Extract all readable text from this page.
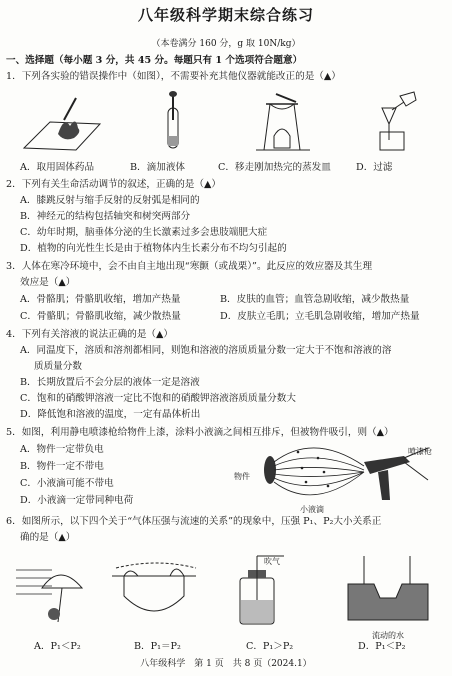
八年级科学期末综合练习
（本卷满分 160 分，g 取 10N/kg）
一、选择题（每小题 3 分，共 45 分。每题只有 1 个选项符合题意）
1．下列各实验的错误操作中（如图），不需要补充其他仪器就能改正的是（▲）
A．取用固体药品	B．滴加液体	C．移走刚加热完的蒸发皿	D．过滤
2．下列有关生命活动调节的叙述，正确的是（▲）
A．膝跳反射与缩手反射的反射弧是相同的
B．神经元的结构包括轴突和树突两部分
C．幼年时期，脑垂体分泌的生长激素过多会患肢端肥大症
D．植物的向光性生长是由于植物体内生长素分布不均匀引起的
3．人体在寒冷环境中，会不由自主地出现“寒颤（或战栗）”。此反应的效应器及其生理
效应是（▲）
A．骨骼肌；骨骼肌收缩，增加产热量	B．皮肤的血管；血管急剧收缩，减少散热量
C．骨骼肌；骨骼肌收缩，减少散热量	D．皮肤立毛肌；立毛肌急剧收缩，增加产热量
4．下列有关溶液的说法正确的是（▲）
A．同温度下，溶质和溶剂都相同，则饱和溶液的溶质质量分数一定大于不饱和溶液的溶
质质量分数
B．长期放置后不会分层的液体一定是溶液
C．饱和的硝酸钾溶液一定比不饱和的硝酸钾溶液溶质质量分数大
D．降低饱和溶液的温度，一定有晶体析出
5．如图，利用静电喷漆枪给物件上漆，涂料小液滴之间相互排斥，但被物件吸引，则（▲）
A．物件一定带负电
B．物件一定不带电
C．小液滴可能不带电
D．小液滴一定带同种电荷
物件
喷漆枪
小液滴
6．如图所示，以下四个关于“气体压强与流速的关系”的现象中，压强 P₁、P₂大小关系正
确的是（▲）
吹气
流动的水
A．P₁＜P₂	B．P₁＝P₂	C．P₁＞P₂	D．P₁＜P₂
八年级科学　第 1 页　共 8 页（2024.1）
